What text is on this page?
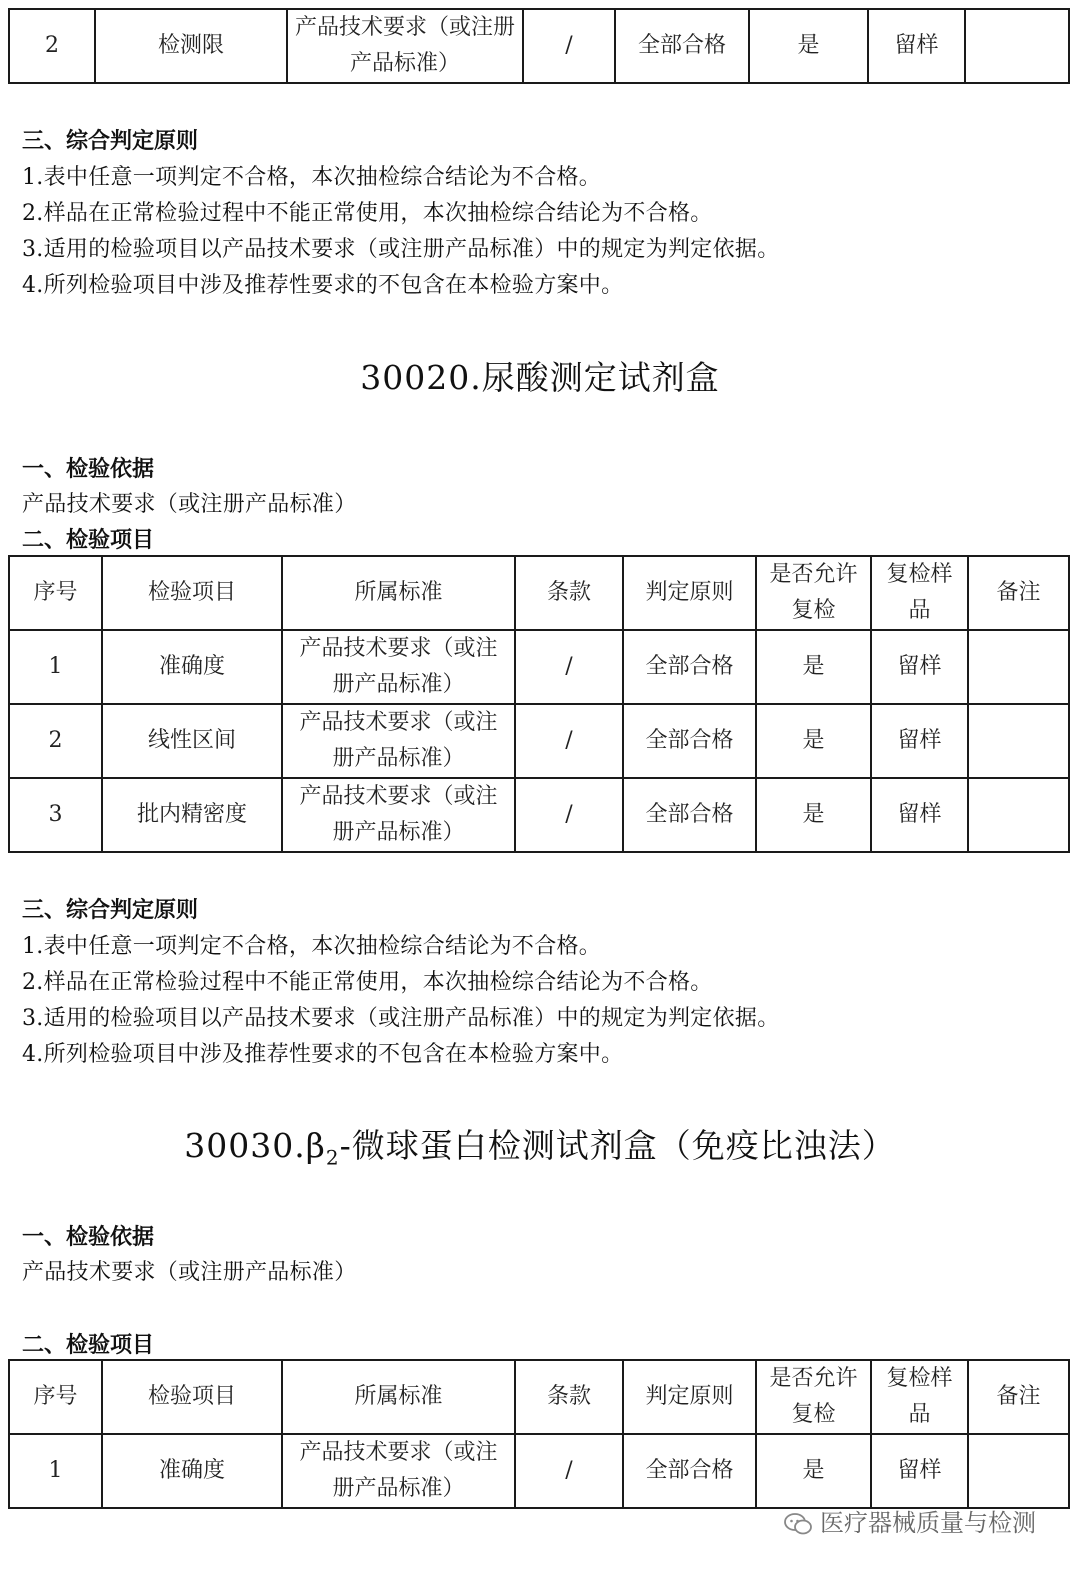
2	检测限	产品技术要求（或注册产品标准）	/	全部合格	是	留样	
三、综合判定原则
1.表中任意一项判定不合格，本次抽检综合结论为不合格。
2.样品在正常检验过程中不能正常使用，本次抽检综合结论为不合格。
3.适用的检验项目以产品技术要求（或注册产品标准）中的规定为判定依据。
4.所列检验项目中涉及推荐性要求的不包含在本检验方案中。
30020.尿酸测定试剂盒
一、检验依据
产品技术要求（或注册产品标准）
二、检验项目
序号	检验项目	所属标准	条款	判定原则	是否允许复检	复检样品	备注
1	准确度	产品技术要求（或注册产品标准）	/	全部合格	是	留样	
2	线性区间	产品技术要求（或注册产品标准）	/	全部合格	是	留样	
3	批内精密度	产品技术要求（或注册产品标准）	/	全部合格	是	留样	
三、综合判定原则
1.表中任意一项判定不合格，本次抽检综合结论为不合格。
2.样品在正常检验过程中不能正常使用，本次抽检综合结论为不合格。
3.适用的检验项目以产品技术要求（或注册产品标准）中的规定为判定依据。
4.所列检验项目中涉及推荐性要求的不包含在本检验方案中。
$30030.\beta_2-$微球蛋白检测试剂盒（免疫比浊法）
一、检验依据
产品技术要求（或注册产品标准）
二、检验项目
序号	检验项目	所属标准	条款	判定原则	是否允许复检	复检样品	备注
1	准确度	产品技术要求（或注册产品标准）	/	全部合格	是	留样	
医疗器械质量与检测
